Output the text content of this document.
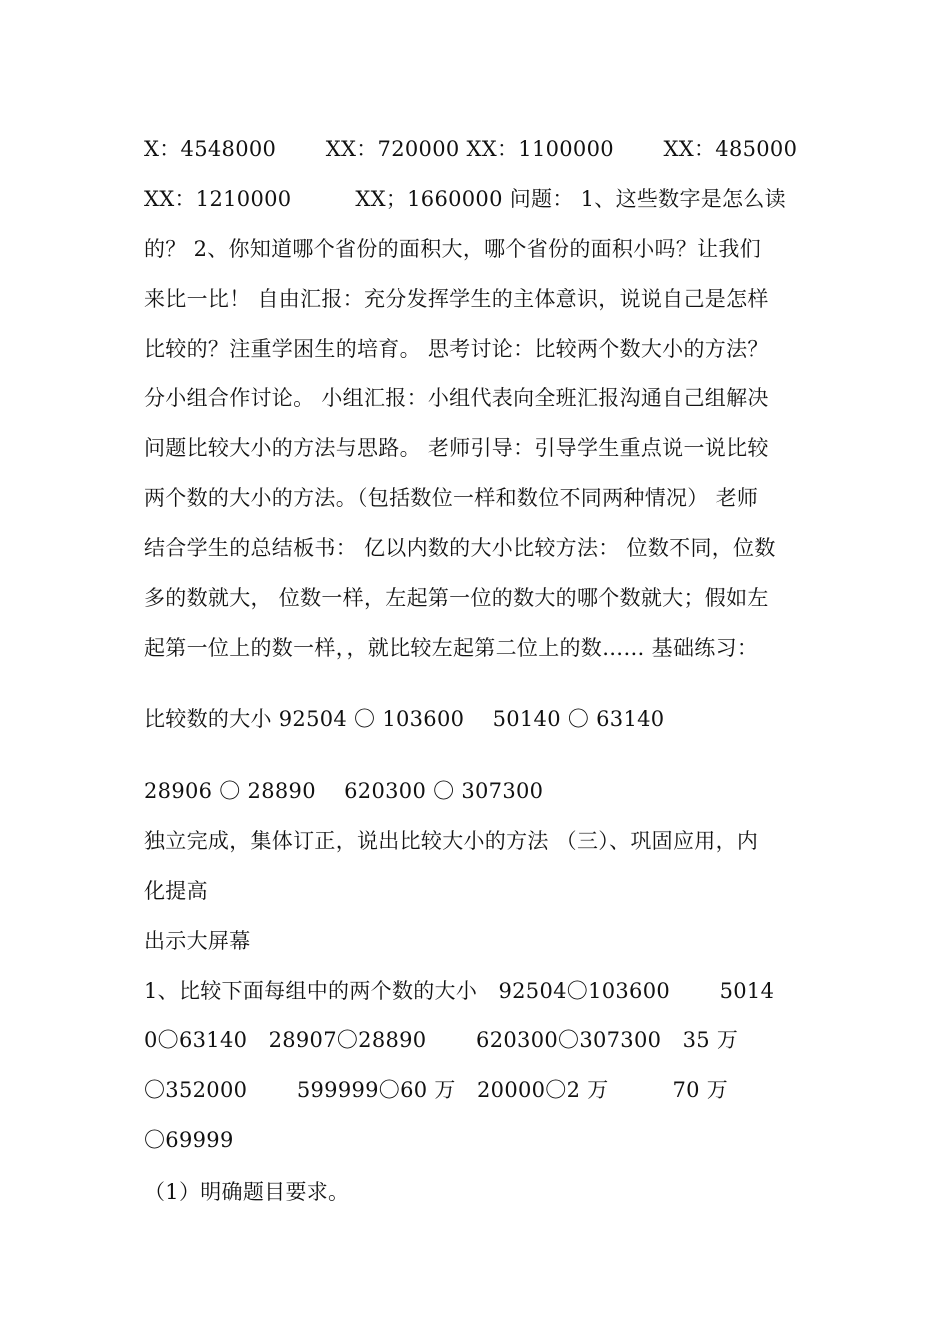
X：4548000　　 XX：720000 XX：1100000　　 XX：485000
XX：1210000　　　XX；1660000 问题： 1、这些数字是怎么读
的？ 2、你知道哪个省份的面积大，哪个省份的面积小吗？让我们
来比一比！ 自由汇报：充分发挥学生的主体意识，说说自己是怎样
比较的？注重学困生的培育。 思考讨论：比较两个数大小的方法？
分小组合作讨论。 小组汇报：小组代表向全班汇报沟通自己组解决
问题比较大小的方法与思路。 老师引导：引导学生重点说一说比较
两个数的大小的方法。（包括数位一样和数位不同两种情况） 老师
结合学生的总结板书： 亿以内数的大小比较方法： 位数不同，位数
多的数就大， 位数一样，左起第一位的数大的哪个数就大；假如左
起第一位上的数一样，，就比较左起第二位上的数…… 基础练习：
比较数的大小 92504 〇 103600　 50140 〇 63140
28906 〇 28890　 620300 〇 307300
独立完成，集体订正，说出比较大小的方法 （三）、巩固应用，内
化提高
出示大屏幕
1、比较下面每组中的两个数的大小　92504〇103600　　 5014
0〇63140　28907〇28890　　 620300〇307300　35 万
〇352000　　 599999〇60 万　20000〇2 万　　　70 万
〇69999
（1）明确题目要求。
